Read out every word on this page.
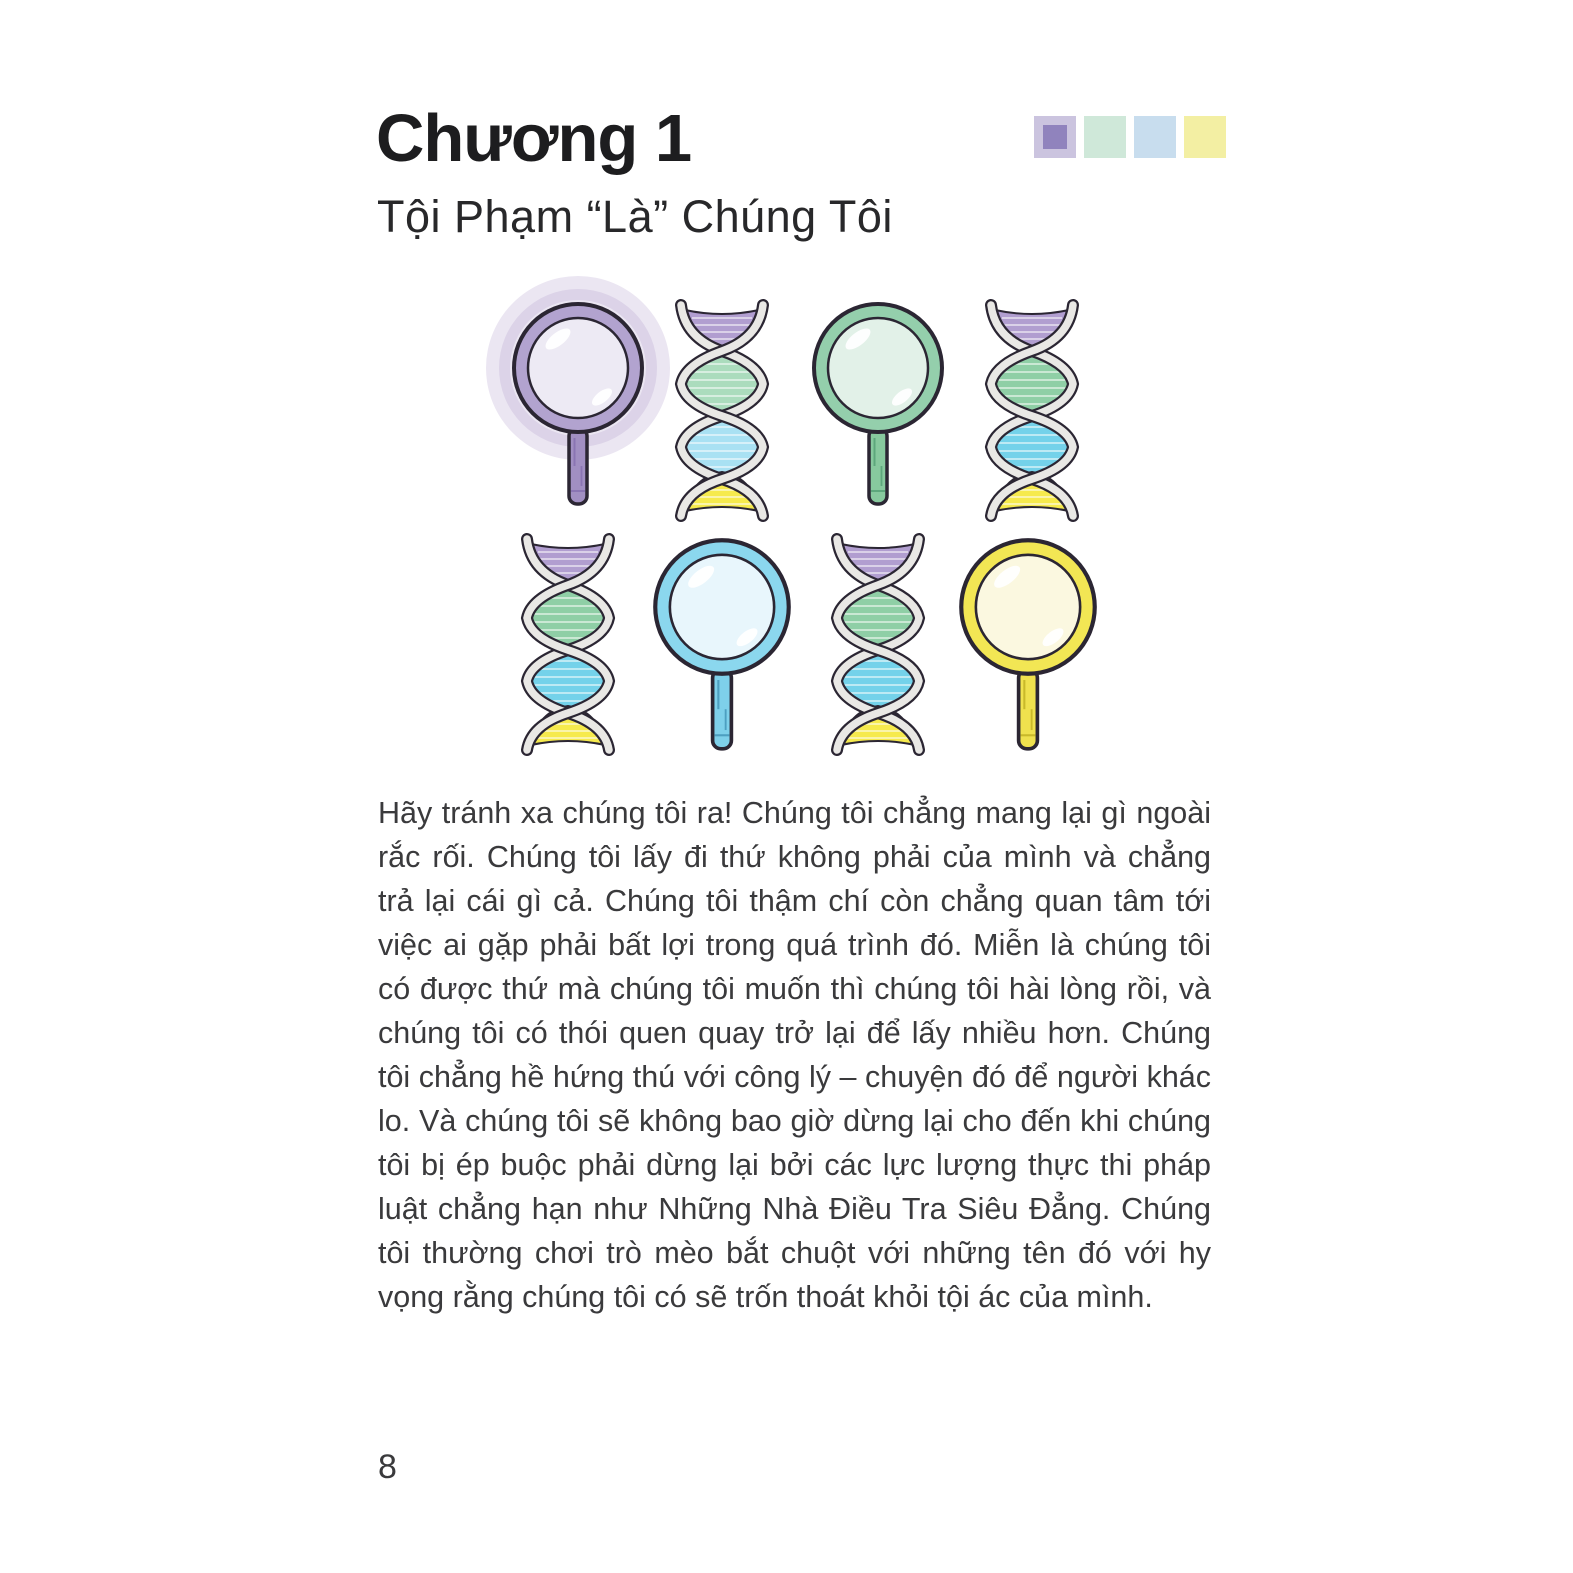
Chương 1
Tội Phạm “Là” Chúng Tôi

Hãy tránh xa chúng tôi ra! Chúng tôi chẳng mang lại gì ngoài rắc rối. Chúng tôi lấy đi thứ không phải của mình và chẳng trả lại cái gì cả. Chúng tôi thậm chí còn chẳng quan tâm tới việc ai gặp phải bất lợi trong quá trình đó. Miễn là chúng tôi có được thứ mà chúng tôi muốn thì chúng tôi hài lòng rồi, và chúng tôi có thói quen quay trở lại để lấy nhiều hơn. Chúng tôi chẳng hề hứng thú với công lý – chuyện đó để người khác lo. Và chúng tôi sẽ không bao giờ dừng lại cho đến khi chúng tôi bị ép buộc phải dừng lại bởi các lực lượng thực thi pháp luật chẳng hạn như Những Nhà Điều Tra Siêu Đẳng. Chúng tôi thường chơi trò mèo bắt chuột với những tên đó với hy vọng rằng chúng tôi có sẽ trốn thoát khỏi tội ác của mình.

8
